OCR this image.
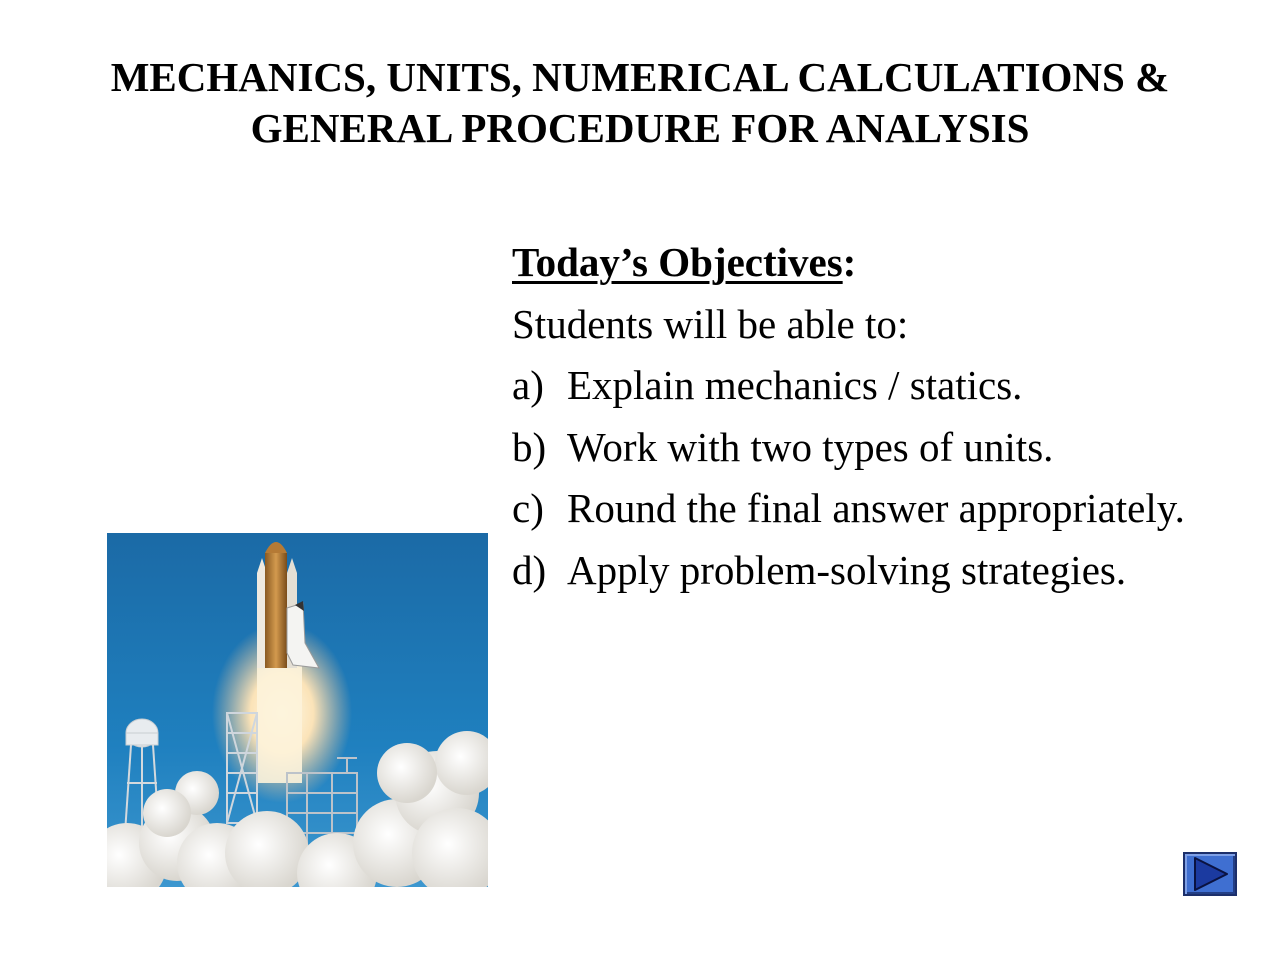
MECHANICS, UNITS, NUMERICAL CALCULATIONS &
GENERAL PROCEDURE FOR ANALYSIS

Today’s Objectives:

Students will be able to:

a) Explain mechanics / statics.
b) Work with two types of units.
c) Round the final answer appropriately.
d) Apply problem-solving strategies.
